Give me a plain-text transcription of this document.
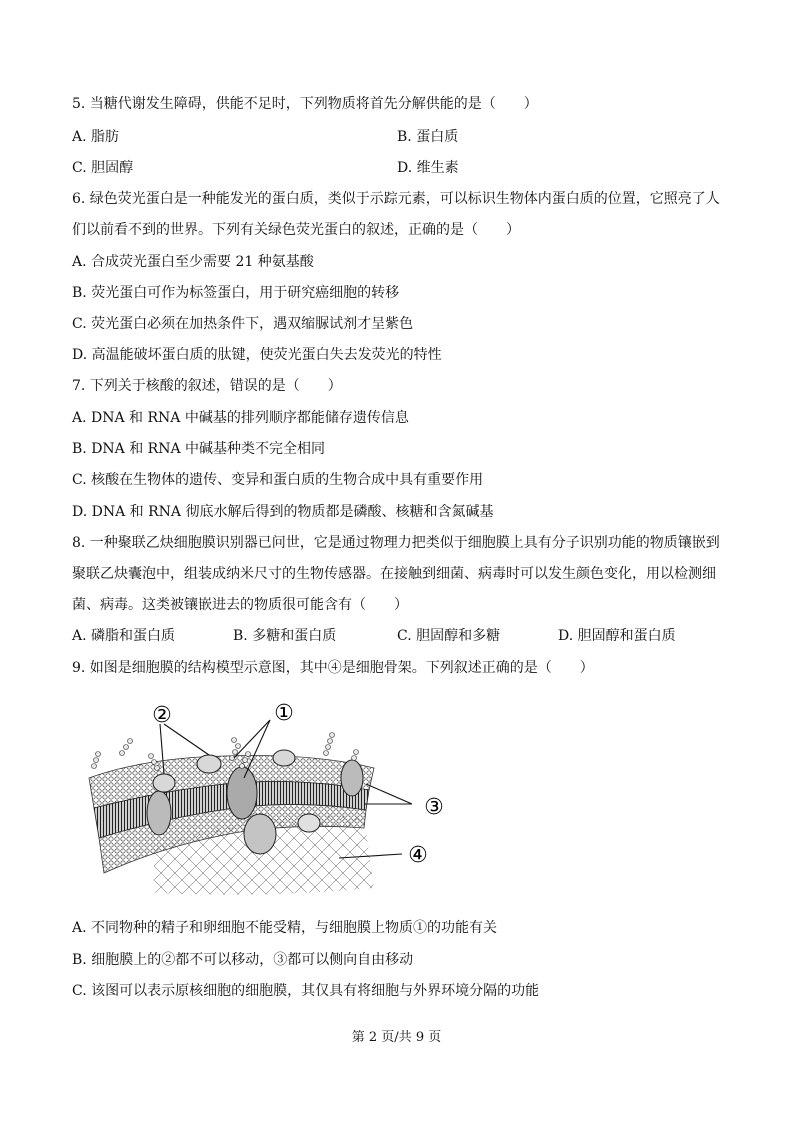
5. 当糖代谢发生障碍，供能不足时，下列物质将首先分解供能的是（　　）
A. 脂肪	B. 蛋白质
C. 胆固醇	D. 维生素
6. 绿色荧光蛋白是一种能发光的蛋白质，类似于示踪元素，可以标识生物体内蛋白质的位置，它照亮了人
们以前看不到的世界。下列有关绿色荧光蛋白的叙述，正确的是（　　）
A. 合成荧光蛋白至少需要 21 种氨基酸
B. 荧光蛋白可作为标签蛋白，用于研究癌细胞的转移
C. 荧光蛋白必须在加热条件下，遇双缩脲试剂才呈紫色
D. 高温能破坏蛋白质的肽键，使荧光蛋白失去发荧光的特性
7. 下列关于核酸的叙述，错误的是（　　）
A. DNA 和 RNA 中碱基的排列顺序都能储存遗传信息
B. DNA 和 RNA 中碱基种类不完全相同
C. 核酸在生物体的遗传、变异和蛋白质的生物合成中具有重要作用
D. DNA 和 RNA 彻底水解后得到的物质都是磷酸、核糖和含氮碱基
8. 一种聚联乙炔细胞膜识别器已问世，它是通过物理力把类似于细胞膜上具有分子识别功能的物质镶嵌到
聚联乙炔囊泡中，组装成纳米尺寸的生物传感器。在接触到细菌、病毒时可以发生颜色变化，用以检测细
菌、病毒。这类被镶嵌进去的物质很可能含有（　　）
A. 磷脂和蛋白质	B. 多糖和蛋白质	C. 胆固醇和多糖	D. 胆固醇和蛋白质
9. 如图是细胞膜的结构模型示意图，其中④是细胞骨架。下列叙述正确的是（　　）
②	①
③
④
A. 不同物种的精子和卵细胞不能受精，与细胞膜上物质①的功能有关
B. 细胞膜上的②都不可以移动，③都可以侧向自由移动
C. 该图可以表示原核细胞的细胞膜，其仅具有将细胞与外界环境分隔的功能
第 2 页/共 9 页
